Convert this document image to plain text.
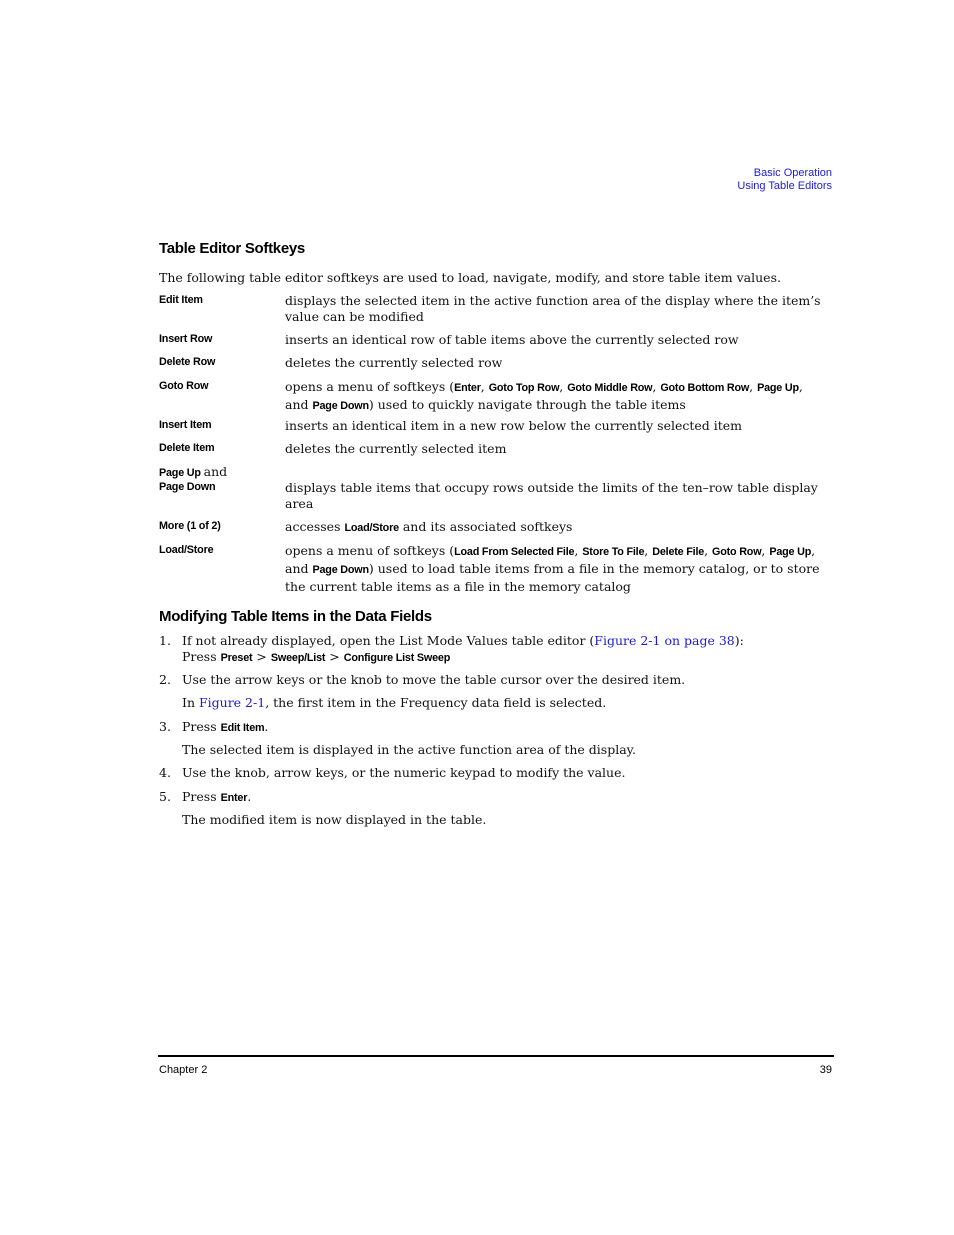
Basic Operation
Using Table Editors
Table Editor Softkeys

The following table editor softkeys are used to load, navigate, modify, and store table item values.

Edit Item	displays the selected item in the active function area of the display where the item’s value can be modified

Insert Row	inserts an identical row of table items above the currently selected row

Delete Row	deletes the currently selected row

Goto Row	opens a menu of softkeys (Enter, Goto Top Row, Goto Middle Row, Goto Bottom Row, Page Up, and Page Down) used to quickly navigate through the table items

Insert Item	inserts an identical item in a new row below the currently selected item

Delete Item	deletes the currently selected item

Page Up and
Page Down	displays table items that occupy rows outside the limits of the ten–row table display area

More (1 of 2)	accesses Load/Store and its associated softkeys

Load/Store	opens a menu of softkeys (Load From Selected File, Store To File, Delete File, Goto Row, Page Up, and Page Down) used to load table items from a file in the memory catalog, or to store the current table items as a file in the memory catalog

Modifying Table Items in the Data Fields
1. If not already displayed, open the List Mode Values table editor (Figure 2-1 on page 38):
Press Preset > Sweep/List > Configure List Sweep

2. Use the arrow keys or the knob to move the table cursor over the desired item.

In Figure 2-1, the first item in the Frequency data field is selected.

3. Press Edit Item.

The selected item is displayed in the active function area of the display.

4. Use the knob, arrow keys, or the numeric keypad to modify the value.

5. Press Enter.

The modified item is now displayed in the table.

Chapter 2	39
